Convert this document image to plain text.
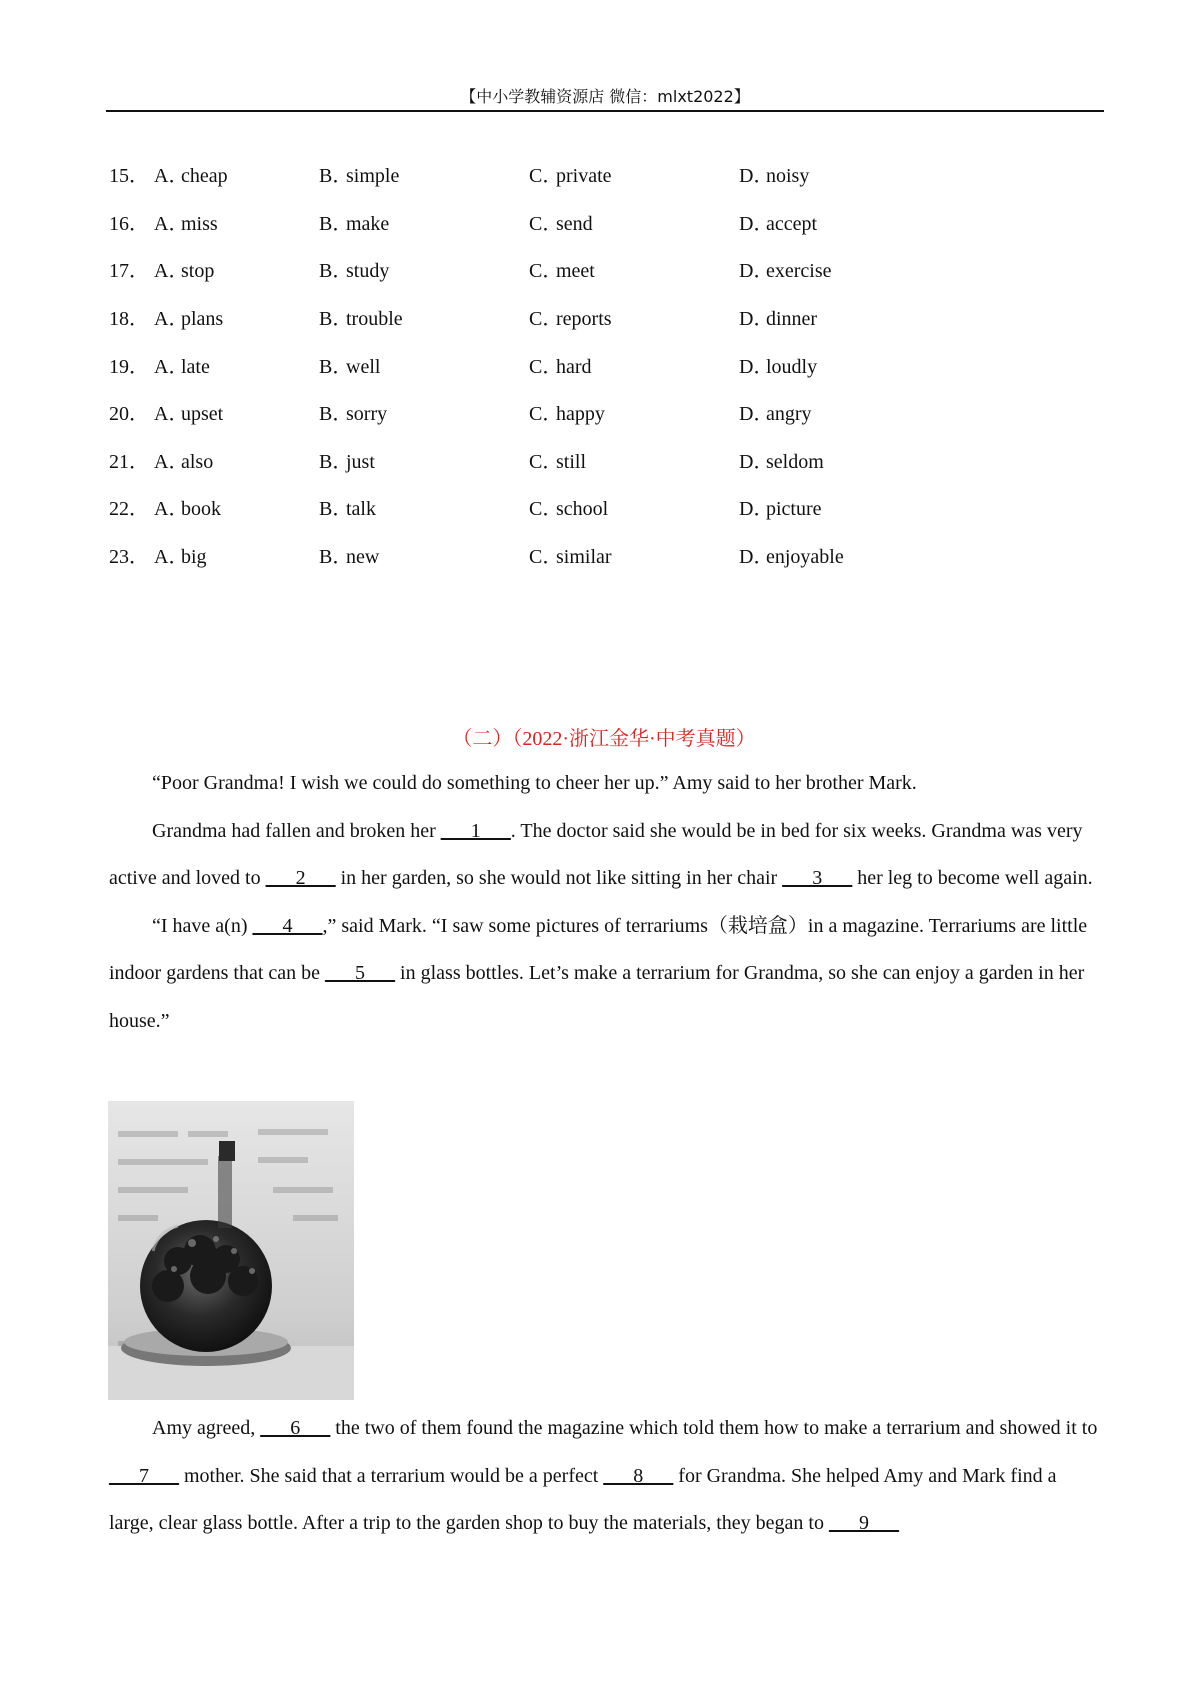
【中小学教辅资源店 微信：mlxt2022】
15． A． cheap	B． simple	C． private	D． noisy
16． A． miss	B． make	C． send	D． accept
17． A． stop	B． study	C． meet	D． exercise
18． A． plans	B． trouble	C． reports	D． dinner
19． A． late	B． well	C． hard	D． loudly
20． A． upset	B． sorry	C． happy	D． angry
21． A． also	B． just	C． still	D． seldom
22． A． book	B． talk	C． school	D． picture
23． A． big	B． new	C． similar	D． enjoyable
（二）（2022·浙江金华·中考真题）

“Poor Grandma! I wish we could do something to cheer her up.” Amy said to her brother Mark.

Grandma had fallen and broken her ___1___. The doctor said she would be in bed for six weeks. Grandma was very active and loved to ___2___ in her garden, so she would not like sitting in her chair ___3___ her leg to become well again.

“I have a(n) ___4___,” said Mark. “I saw some pictures of terrariums（栽培盒）in a magazine. Terrariums are little indoor gardens that can be ___5___ in glass bottles. Let’s make a terrarium for Grandma, so she can enjoy a garden in her house.”

Amy agreed, ___6___ the two of them found the magazine which told them how to make a terrarium and showed it to ___7___ mother. She said that a terrarium would be a perfect ___8___ for Grandma. She helped Amy and Mark find a large, clear glass bottle. After a trip to the garden shop to buy the materials, they began to ___9___
